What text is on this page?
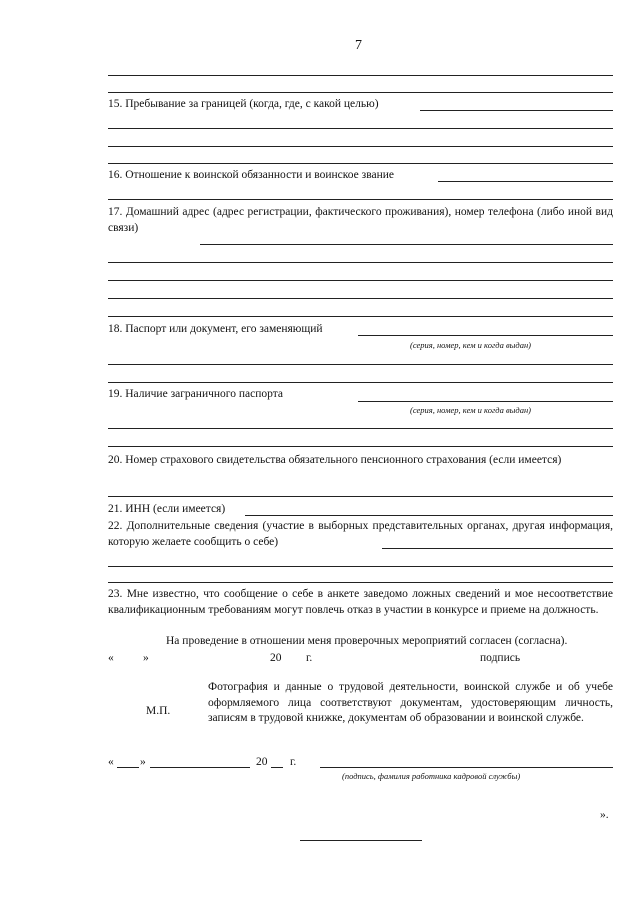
7
15. Пребывание за границей (когда, где, с какой целью)
16. Отношение к воинской обязанности и воинское звание
17. Домашний адрес (адрес регистрации, фактического проживания), номер телефона (либо иной вид связи)
18. Паспорт или документ, его заменяющий
(серия, номер, кем и когда выдан)
19. Наличие заграничного паспорта
(серия, номер, кем и когда выдан)
20. Номер страхового свидетельства обязательного пенсионного страхования (если имеется)
21. ИНН (если имеется)
22. Дополнительные сведения (участие в выборных представительных органах, другая информация, которую желаете сообщить о себе)
23. Мне известно, что сообщение о себе в анкете заведомо ложных сведений и мое несоответствие квалификационным требованиям могут повлечь отказ в участии в конкурсе и приеме на должность.
На проведение в отношении меня проверочных мероприятий согласен (согласна).
«	»	20 г.	подпись
М.П.
Фотография и данные о трудовой деятельности, воинской службе и об учебе оформляемого лица соответствуют документам, удостоверяющим личность, записям в трудовой книжке, документам об образовании и воинской службе.
« »	20 г.
(подпись, фамилия работника кадровой службы)
».
